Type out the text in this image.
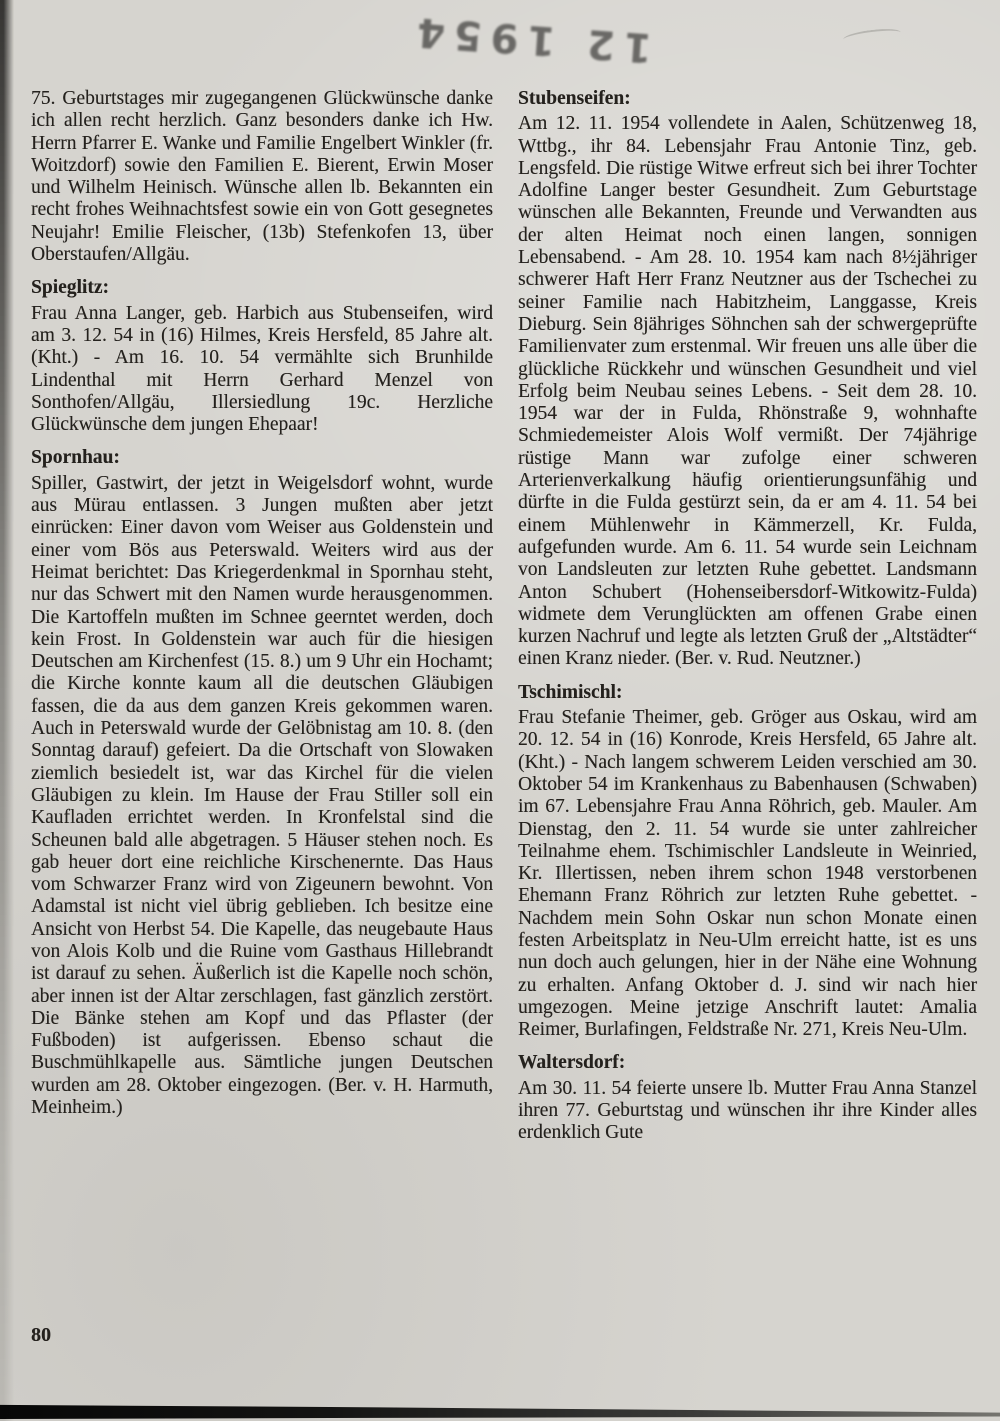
12 1954

75. Geburtstages mir zugegangenen Glückwünsche danke ich allen recht herzlich. Ganz besonders danke ich Hw. Herrn Pfarrer E. Wanke und Familie Engelbert Winkler (fr. Woitzdorf) sowie den Familien E. Bierent, Erwin Moser und Wilhelm Heinisch. Wünsche allen lb. Bekannten ein recht frohes Weihnachtsfest sowie ein von Gott gesegnetes Neujahr! Emilie Fleischer, (13b) Stefenkofen 13, über Oberstaufen/Allgäu.

Spieglitz:

Frau Anna Langer, geb. Harbich aus Stubenseifen, wird am 3. 12. 54 in (16) Hilmes, Kreis Hersfeld, 85 Jahre alt. (Kht.) - Am 16. 10. 54 vermählte sich Brunhilde Lindenthal mit Herrn Gerhard Menzel von Sonthofen/Allgäu, Illersiedlung 19c. Herzliche Glückwünsche dem jungen Ehepaar!

Spornhau:

Spiller, Gastwirt, der jetzt in Weigelsdorf wohnt, wurde aus Mürau entlassen. 3 Jungen mußten aber jetzt einrücken: Einer davon vom Weiser aus Goldenstein und einer vom Bös aus Peterswald. Weiters wird aus der Heimat berichtet: Das Kriegerdenkmal in Spornhau steht, nur das Schwert mit den Namen wurde herausgenommen. Die Kartoffeln mußten im Schnee geerntet werden, doch kein Frost. In Goldenstein war auch für die hiesigen Deutschen am Kirchenfest (15. 8.) um 9 Uhr ein Hochamt; die Kirche konnte kaum all die deutschen Gläubigen fassen, die da aus dem ganzen Kreis gekommen waren. Auch in Peterswald wurde der Gelöbnistag am 10. 8. (den Sonntag darauf) gefeiert. Da die Ortschaft von Slowaken ziemlich besiedelt ist, war das Kirchel für die vielen Gläubigen zu klein. Im Hause der Frau Stiller soll ein Kaufladen errichtet werden. In Kronfelstal sind die Scheunen bald alle abgetragen. 5 Häuser stehen noch. Es gab heuer dort eine reichliche Kirschenernte. Das Haus vom Schwarzer Franz wird von Zigeunern bewohnt. Von Adamstal ist nicht viel übrig geblieben. Ich besitze eine Ansicht von Herbst 54. Die Kapelle, das neugebaute Haus von Alois Kolb und die Ruine vom Gasthaus Hillebrandt ist darauf zu sehen. Äußerlich ist die Kapelle noch schön, aber innen ist der Altar zerschlagen, fast gänzlich zerstört. Die Bänke stehen am Kopf und das Pflaster (der Fußboden) ist aufgerissen. Ebenso schaut die Buschmühlkapelle aus. Sämtliche jungen Deutschen wurden am 28. Oktober eingezogen. (Ber. v. H. Harmuth, Meinheim.)

Stubenseifen:

Am 12. 11. 1954 vollendete in Aalen, Schützenweg 18, Wttbg., ihr 84. Lebensjahr Frau Antonie Tinz, geb. Lengsfeld. Die rüstige Witwe erfreut sich bei ihrer Tochter Adolfine Langer bester Gesundheit. Zum Geburtstage wünschen alle Bekannten, Freunde und Verwandten aus der alten Heimat noch einen langen, sonnigen Lebensabend. - Am 28. 10. 1954 kam nach 8½jähriger schwerer Haft Herr Franz Neutzner aus der Tschechei zu seiner Familie nach Habitzheim, Langgasse, Kreis Dieburg. Sein 8jähriges Söhnchen sah der schwergeprüfte Familienvater zum erstenmal. Wir freuen uns alle über die glückliche Rückkehr und wünschen Gesundheit und viel Erfolg beim Neubau seines Lebens. - Seit dem 28. 10. 1954 war der in Fulda, Rhönstraße 9, wohnhafte Schmiedemeister Alois Wolf vermißt. Der 74jährige rüstige Mann war zufolge einer schweren Arterienverkalkung häufig orientierungsunfähig und dürfte in die Fulda gestürzt sein, da er am 4. 11. 54 bei einem Mühlenwehr in Kämmerzell, Kr. Fulda, aufgefunden wurde. Am 6. 11. 54 wurde sein Leichnam von Landsleuten zur letzten Ruhe gebettet. Landsmann Anton Schubert (Hohenseibersdorf-Witkowitz-Fulda) widmete dem Verunglückten am offenen Grabe einen kurzen Nachruf und legte als letzten Gruß der „Altstädter“ einen Kranz nieder. (Ber. v. Rud. Neutzner.)

Tschimischl:

Frau Stefanie Theimer, geb. Gröger aus Oskau, wird am 20. 12. 54 in (16) Konrode, Kreis Hersfeld, 65 Jahre alt. (Kht.) - Nach langem schwerem Leiden verschied am 30. Oktober 54 im Krankenhaus zu Babenhausen (Schwaben) im 67. Lebensjahre Frau Anna Röhrich, geb. Mauler. Am Dienstag, den 2. 11. 54 wurde sie unter zahlreicher Teilnahme ehem. Tschimischler Landsleute in Weinried, Kr. Illertissen, neben ihrem schon 1948 verstorbenen Ehemann Franz Röhrich zur letzten Ruhe gebettet. - Nachdem mein Sohn Oskar nun schon Monate einen festen Arbeitsplatz in Neu-Ulm erreicht hatte, ist es uns nun doch auch gelungen, hier in der Nähe eine Wohnung zu erhalten. Anfang Oktober d. J. sind wir nach hier umgezogen. Meine jetzige Anschrift lautet: Amalia Reimer, Burlafingen, Feldstraße Nr. 271, Kreis Neu-Ulm.

Waltersdorf:

Am 30. 11. 54 feierte unsere lb. Mutter Frau Anna Stanzel ihren 77. Geburtstag und wünschen ihr ihre Kinder alles erdenklich Gute

80
